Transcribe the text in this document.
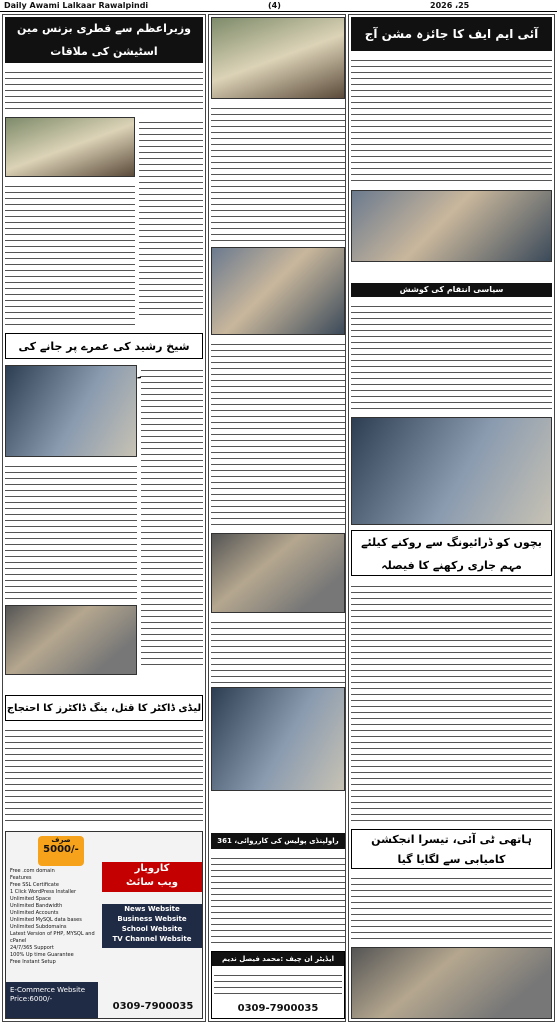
Daily Awami Lalkaar Rawalpindi	(4)	2026 ،25
آئی ایم ایف کا جائزہ مشن آج
سیاسی انتقام کی کوشش
بچوں کو ڈرائیونگ سے روکنے کیلئے مہم جاری رکھنے کا فیصلہ
ہاتھی ٹی آئی، تیسرا انجکشن کامیابی سے لگایا گیا
راولپنڈی پولیس کی کارروائی، 361
ایڈیٹر ان چیف :محمد فیصل ندیم
0309-7900035
وزیراعظم سے قطری بزنس مین اسٹیشن کی ملاقات
شیخ رشید کی عمرے پر جانے کی
لیڈی ڈاکٹر کا قتل، ینگ ڈاکٹرز کا احتجاج
صرف
5000/-
کاروبار
ویب سائٹ
Free .com domain
Features
Free SSL Certificate
1 Click WordPress Installer
Unlimited Space
Unlimited Bandwidth
Unlimited Accounts
Unlimited MySQL data bases
Unlimited Subdomains
Latest Version of PHP, MYSQL and cPanel
24/7/365 Support
100% Up time Guarantee
Free Instant Setup
News Website
Business Website
School Website
TV Channel Website
E-Commerce Website
Price:6000/-
0309-7900035
